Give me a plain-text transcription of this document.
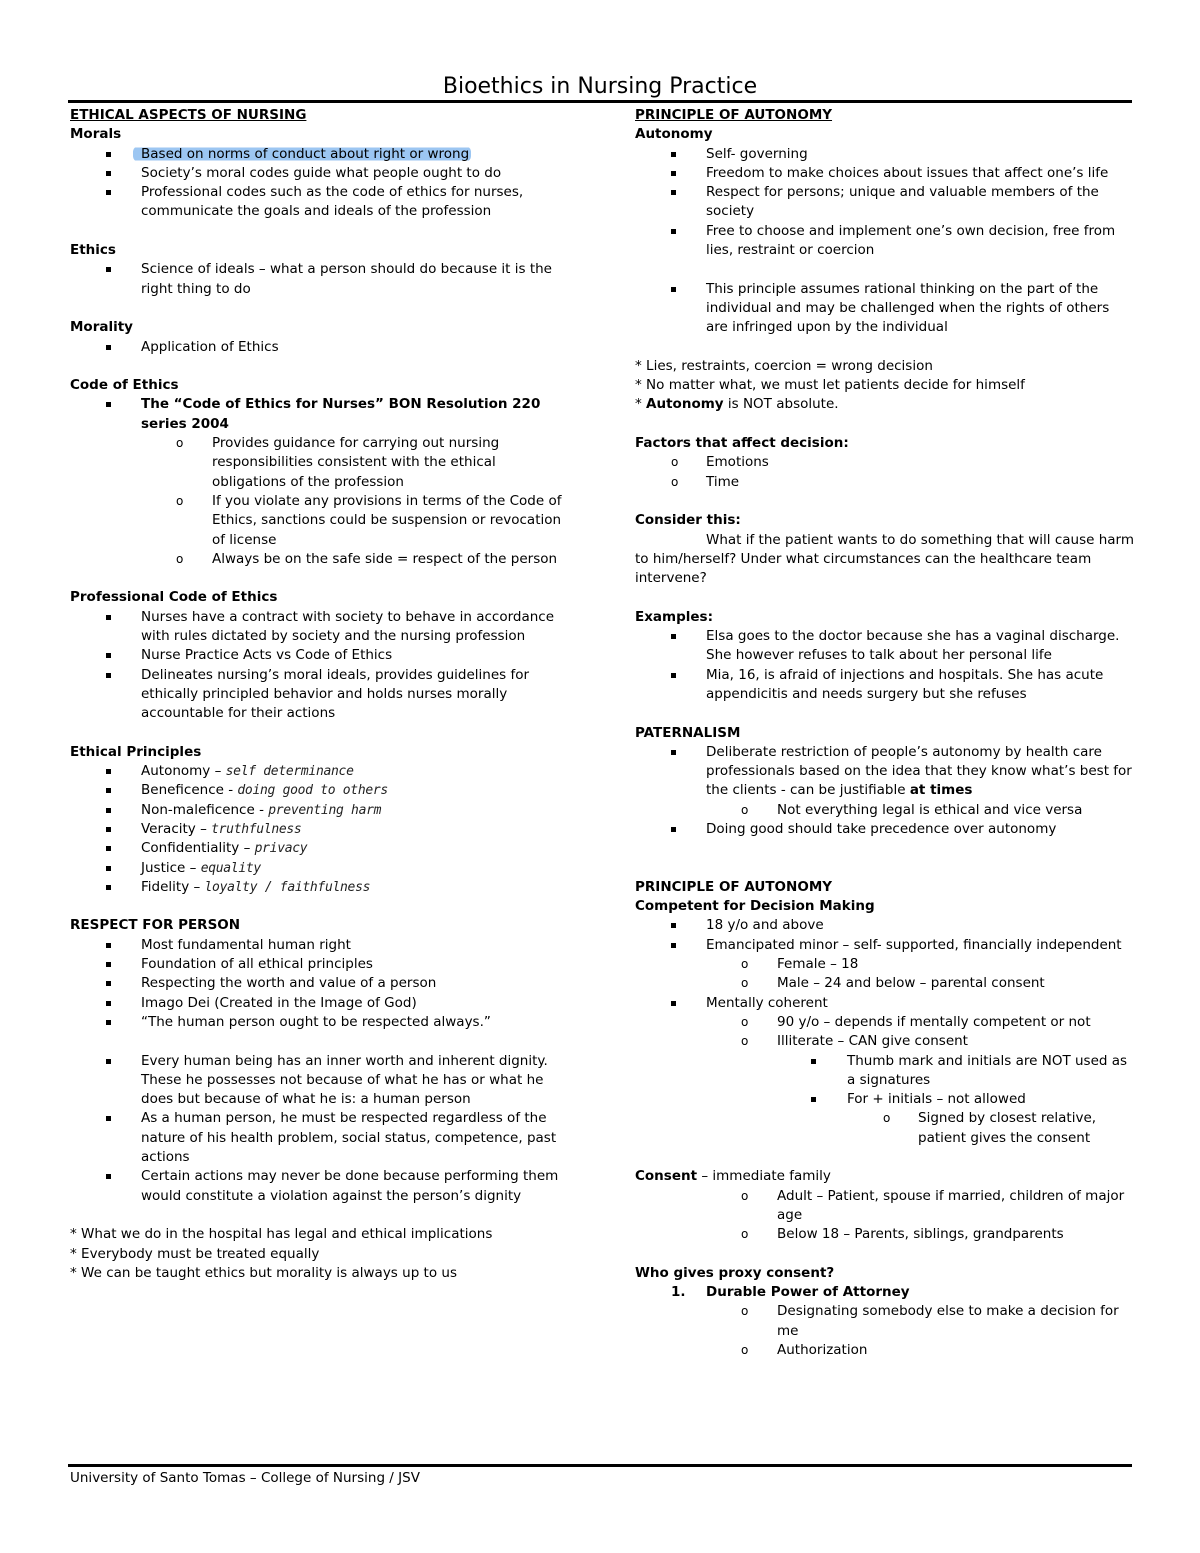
Bioethics in Nursing Practice
ETHICAL ASPECTS OF NURSING
Morals
Based on norms of conduct about right or wrong
Society’s moral codes guide what people ought to do
Professional codes such as the code of ethics for nurses, communicate the goals and ideals of the profession
Ethics
Science of ideals – what a person should do because it is the right thing to do
Morality
Application of Ethics
Code of Ethics
The “Code of Ethics for Nurses” BON Resolution 220 series 2004
o Provides guidance for carrying out nursing responsibilities consistent with the ethical obligations of the profession
o If you violate any provisions in terms of the Code of Ethics, sanctions could be suspension or revocation of license
o Always be on the safe side = respect of the person
Professional Code of Ethics
Nurses have a contract with society to behave in accordance with rules dictated by society and the nursing profession
Nurse Practice Acts vs Code of Ethics
Delineates nursing’s moral ideals, provides guidelines for ethically principled behavior and holds nurses morally accountable for their actions
Ethical Principles
Autonomy – self determinance
Beneficence - doing good to others
Non-maleficence - preventing harm
Veracity – truthfulness
Confidentiality – privacy
Justice – equality
Fidelity – loyalty / faithfulness
RESPECT FOR PERSON
Most fundamental human right
Foundation of all ethical principles
Respecting the worth and value of a person
Imago Dei (Created in the Image of God)
“The human person ought to be respected always.”
Every human being has an inner worth and inherent dignity. These he possesses not because of what he has or what he does but because of what he is: a human person
As a human person, he must be respected regardless of the nature of his health problem, social status, competence, past actions
Certain actions may never be done because performing them would constitute a violation against the person’s dignity
* What we do in the hospital has legal and ethical implications
* Everybody must be treated equally
* We can be taught ethics but morality is always up to us
PRINCIPLE OF AUTONOMY
Autonomy
Self- governing
Freedom to make choices about issues that affect one’s life
Respect for persons; unique and valuable members of the society
Free to choose and implement one’s own decision, free from lies, restraint or coercion
This principle assumes rational thinking on the part of the individual and may be challenged when the rights of others are infringed upon by the individual
* Lies, restraints, coercion = wrong decision
* No matter what, we must let patients decide for himself
* Autonomy is NOT absolute.
Factors that affect decision:
o Emotions
o Time
Consider this:
What if the patient wants to do something that will cause harm to him/herself? Under what circumstances can the healthcare team intervene?
Examples:
Elsa goes to the doctor because she has a vaginal discharge. She however refuses to talk about her personal life
Mia, 16, is afraid of injections and hospitals. She has acute appendicitis and needs surgery but she refuses
PATERNALISM
Deliberate restriction of people’s autonomy by health care professionals based on the idea that they know what’s best for the clients - can be justifiable at times
o Not everything legal is ethical and vice versa
Doing good should take precedence over autonomy
PRINCIPLE OF AUTONOMY
Competent for Decision Making
18 y/o and above
Emancipated minor – self- supported, financially independent
o Female – 18
o Male – 24 and below – parental consent
Mentally coherent
o 90 y/o – depends if mentally competent or not
o Illiterate – CAN give consent
Thumb mark and initials are NOT used as a signatures
For + initials – not allowed
o Signed by closest relative, patient gives the consent
Consent – immediate family
o Adult – Patient, spouse if married, children of major age
o Below 18 – Parents, siblings, grandparents
Who gives proxy consent?
1. Durable Power of Attorney
o Designating somebody else to make a decision for me
o Authorization
University of Santo Tomas – College of Nursing / JSV
